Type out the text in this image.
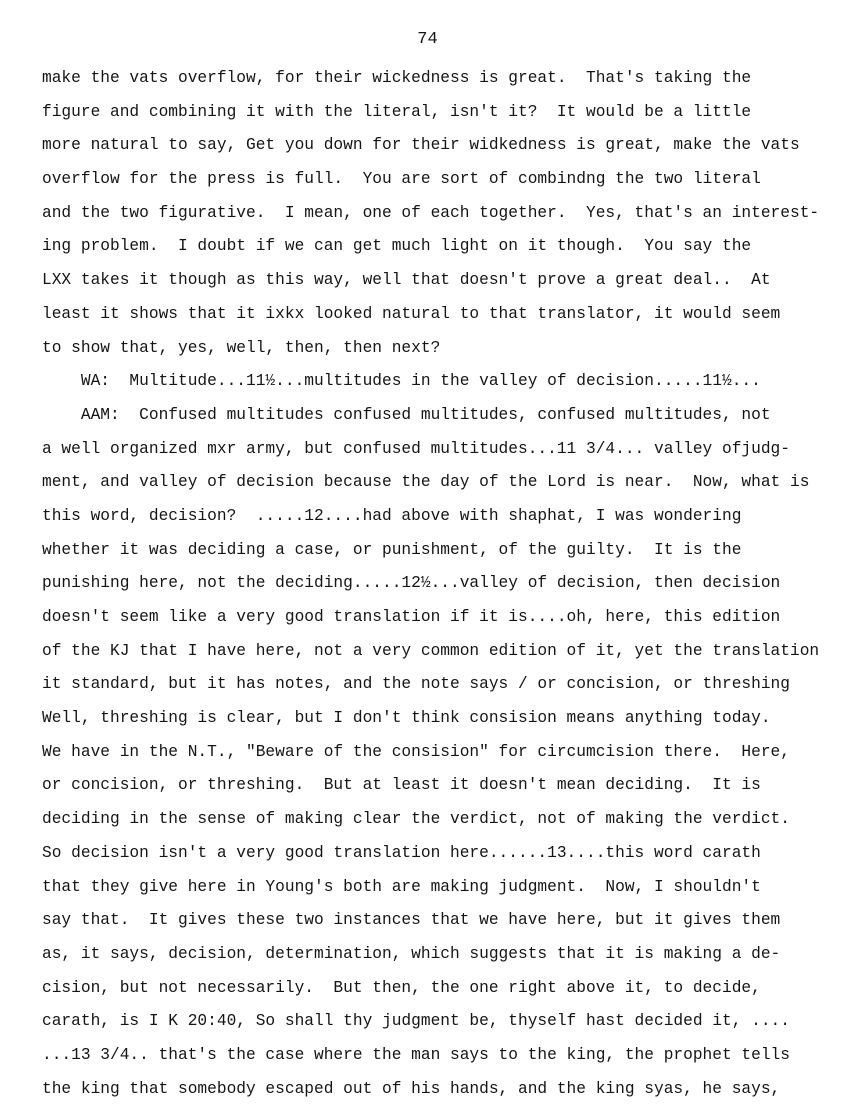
74
make the vats overflow, for their wickedness is great.  That's taking the
figure and combining it with the literal, isn't it?  It would be a little
more natural to say, Get you down for their widkedness is great, make the vats
overflow for the press is full.  You are sort of combindng the two literal
and the two figurative.  I mean, one of each together.  Yes, that's an interest-
ing problem.  I doubt if we can get much light on it though.  You say the
LXX takes it though as this way, well that doesn't prove a great deal..  At
least it shows that it ixkx looked natural to that translator, it would seem
to show that, yes, well, then, then next?
WA:  Multitude...11½...multitudes in the valley of decision.....11½...
AAM:  Confused multitudes confused multitudes, confused multitudes, not
a well organized mxr army, but confused multitudes...11 3/4... valley ofjudg-
ment, and valley of decision because the day of the Lord is near.  Now, what is
this word, decision?  .....12....had above with shaphat, I was wondering
whether it was deciding a case, or punishment, of the guilty.  It is the
punishing here, not the deciding.....12½...valley of decision, then decision
doesn't seem like a very good translation if it is....oh, here, this edition
of the KJ that I have here, not a very common edition of it, yet the translation
it standard, but it has notes, and the note says / or concision, or threshing
Well, threshing is clear, but I don't think consision means anything today.
We have in the N.T., "Beware of the consision" for circumcision there.  Here,
or concision, or threshing.  But at least it doesn't mean deciding.  It is
deciding in the sense of making clear the verdict, not of making the verdict.
So decision isn't a very good translation here......13....this word carath
that they give here in Young's both are making judgment.  Now, I shouldn't
say that.  It gives these two instances that we have here, but it gives them
as, it says, decision, determination, which suggests that it is making a de-
cision, but not necessarily.  But then, the one right above it, to decide,
carath, is I K 20:40, So shall thy judgment be, thyself hast decided it, ....
...13 3/4.. that's the case where the man says to the king, the prophet tells
the king that somebody escaped out of his hands, and the king syas, he says,
